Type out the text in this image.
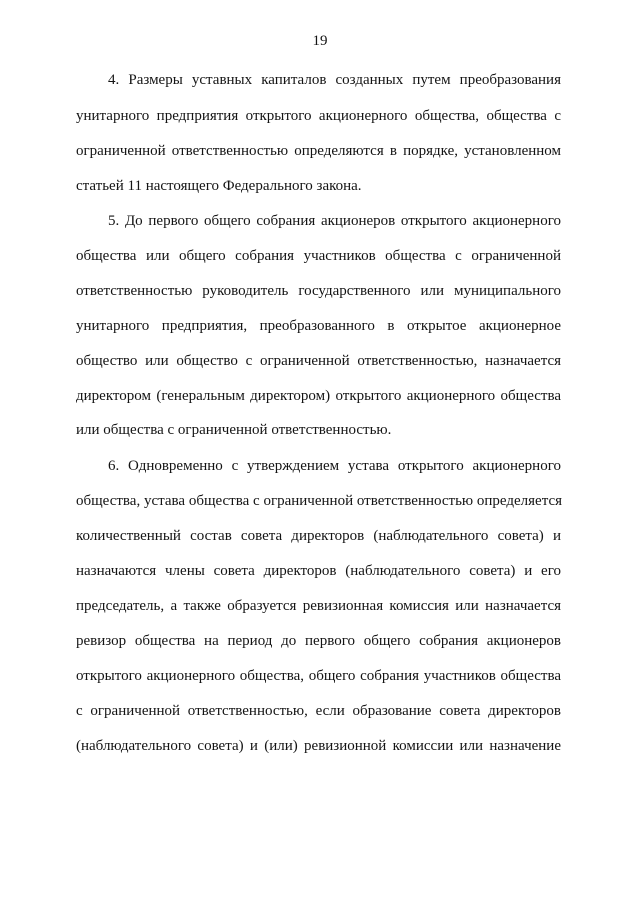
19
4. Размеры уставных капиталов созданных путем преобразования
унитарного предприятия открытого акционерного общества, общества с
ограниченной ответственностью определяются в порядке, установленном
статьей 11 настоящего Федерального закона.
5. До первого общего собрания акционеров открытого акционерного
общества или общего собрания участников общества с ограниченной
ответственностью руководитель государственного или муниципального
унитарного предприятия, преобразованного в открытое акционерное
общество или общество с ограниченной ответственностью, назначается
директором (генеральным директором) открытого акционерного общества
или общества с ограниченной ответственностью.
6. Одновременно с утверждением устава открытого акционерного
общества, устава общества с ограниченной ответственностью определяется
количественный состав совета директоров (наблюдательного совета) и
назначаются члены совета директоров (наблюдательного совета) и его
председатель, а также образуется ревизионная комиссия или назначается
ревизор общества на период до первого общего собрания акционеров
открытого акционерного общества, общего собрания участников общества
с ограниченной ответственностью, если образование совета директоров
(наблюдательного совета) и (или) ревизионной комиссии или назначение
